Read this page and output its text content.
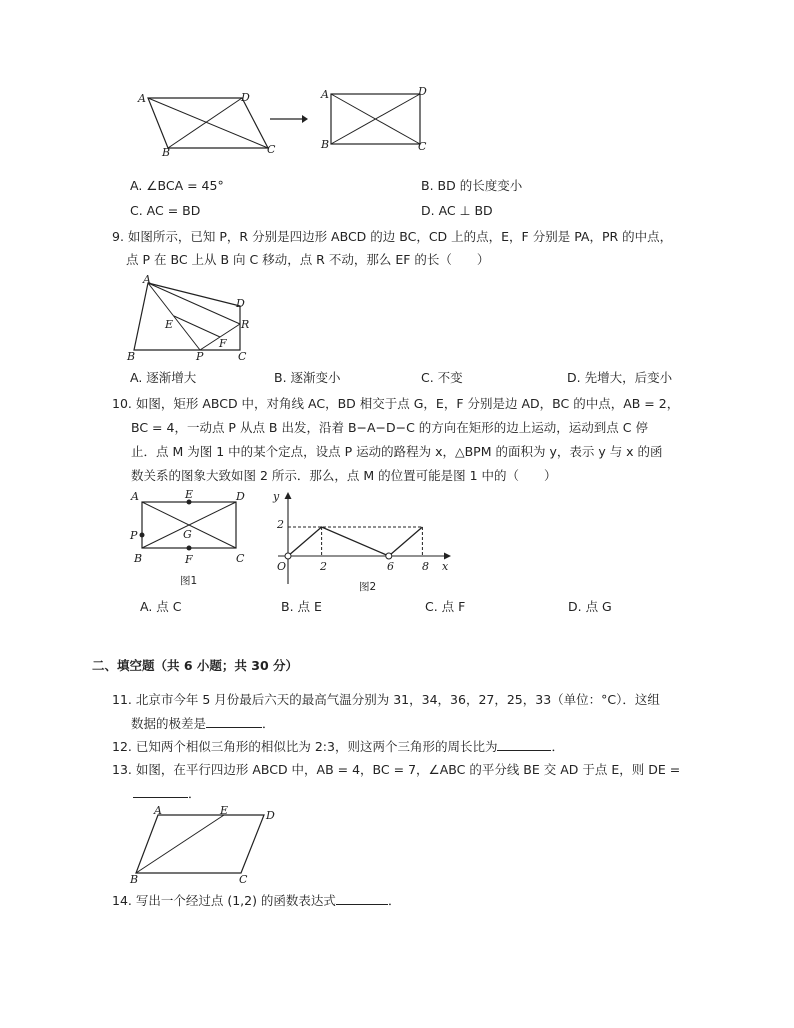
A	D
B	C
A	D
B	C
A. ∠BCA = 45°	B. BD 的长度变小
C. AC = BD	D. AC ⊥ BD
9. 如图所示，已知 P，R 分别是四边形 ABCD 的边 BC，CD 上的点，E，F 分别是 PA，PR 的中点，
点 P 在 BC 上从 B 向 C 移动，点 R 不动，那么 EF 的长（　　）
A
D
E	R
F
B	P	C
A. 逐渐增大	B. 逐渐变小	C. 不变	D. 先增大，后变小
10. 如图，矩形 ABCD 中，对角线 AC，BD 相交于点 G，E，F 分别是边 AD，BC 的中点，AB = 2，
BC = 4，一动点 P 从点 B 出发，沿着 B−A−D−C 的方向在矩形的边上运动，运动到点 C 停
止．点 M 为图 1 中的某个定点，设点 P 运动的路程为 x，△BPM 的面积为 y，表示 y 与 x 的函
数关系的图象大致如图 2 所示．那么，点 M 的位置可能是图 1 中的（　　）
A	E	D
P	G
B	F	C
图1
y
2
O	2	6	8 x
图2
A. 点 C	B. 点 E	C. 点 F	D. 点 G
二、填空题（共 6 小题；共 30 分）
11. 北京市今年 5 月份最后六天的最高气温分别为 31，34，36，27，25，33（单位：°C）．这组
数据的极差是	．
12. 已知两个相似三角形的相似比为 2:3，则这两个三角形的周长比为	．
13. 如图，在平行四边形 ABCD 中，AB = 4，BC = 7，∠ABC 的平分线 BE 交 AD 于点 E，则 DE =
．
A	E	D
B	C
14. 写出一个经过点 (1,2) 的函数表达式	．
